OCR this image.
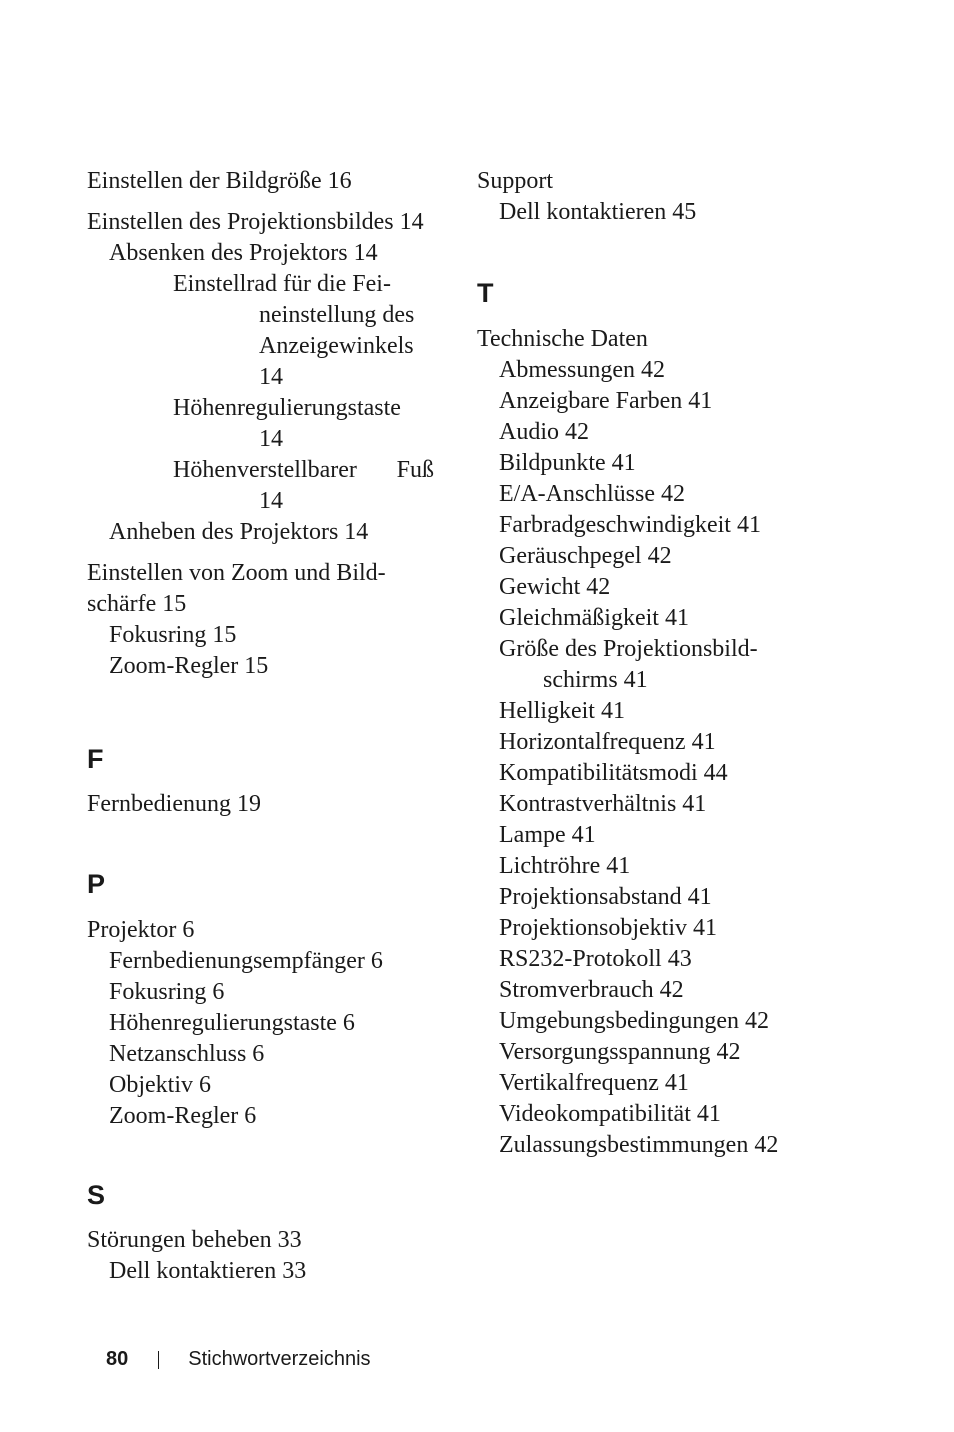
Einstellen der Bildgröße 16

Einstellen des Projektionsbildes 14

Absenken des Projektors 14

Einstellrad für die Fei-

neinstellung des
Anzeigewinkels
14

Höhenregulierungstaste

14

Höhenverstellbarer Fuß
14

Anheben des Projektors 14

Einstellen von Zoom und Bild-
schärfe 15

Fokusring 15

Zoom-Regler 15

F

Fernbedienung 19

P

Projektor 6

Fernbedienungsempfänger 6

Fokusring 6

Höhenregulierungstaste 6

Netzanschluss 6

Objektiv 6

Zoom-Regler 6

S

Störungen beheben 33

Dell kontaktieren 33

Support

Dell kontaktieren 45

T

Technische Daten

Abmessungen 42

Anzeigbare Farben 41

Audio 42

Bildpunkte 41

E/A-Anschlüsse 42

Farbradgeschwindigkeit 41

Geräuschpegel 42

Gewicht 42

Gleichmäßigkeit 41

Größe des Projektionsbild-
schirms 41

Helligkeit 41

Horizontalfrequenz 41

Kompatibilitätsmodi 44

Kontrastverhältnis 41

Lampe 41

Lichtröhre 41

Projektionsabstand 41

Projektionsobjektiv 41

RS232-Protokoll 43

Stromverbrauch 42

Umgebungsbedingungen 42

Versorgungsspannung 42

Vertikalfrequenz 41

Videokompatibilität 41

Zulassungsbestimmungen 42

80	Stichwortverzeichnis
